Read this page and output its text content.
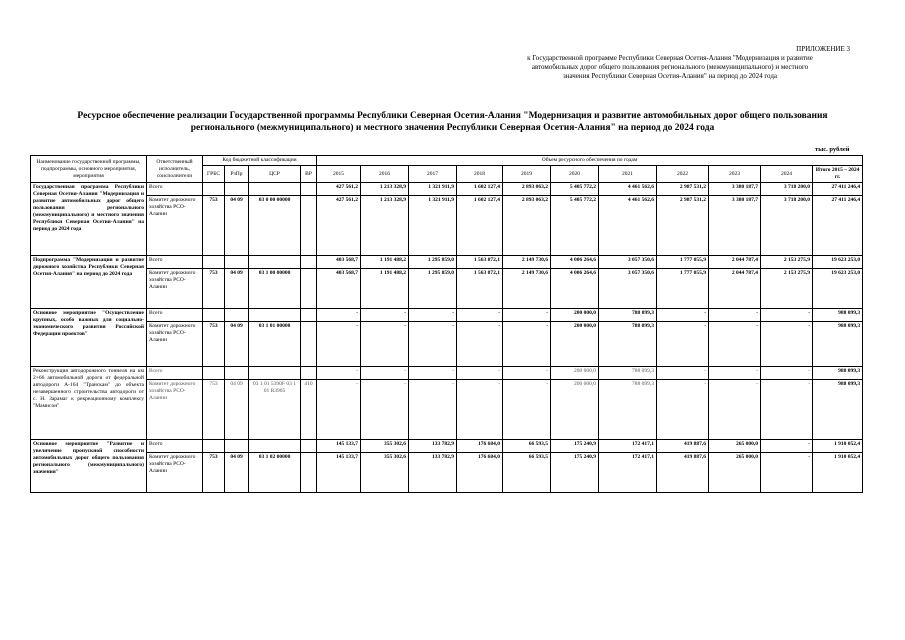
ПРИЛОЖЕНИЕ 3
к Государственной программе Республики Северная Осетия-Алания "Модернизация и развитие
автомобильных дорог общего пользования регионального (межмуниципального) и местного
значения Республики Северная Осетия-Алания" на период до 2024 года
Ресурсное обеспечение реализации Государственной программы Республики Северная Осетия-Алания "Модернизация и развитие автомобильных дорог общего пользования
регионального (межмуниципального) и местного значения Республики Северная Осетия-Алания" на период до 2024 года
тыс. рублей
Наименование государственной программы, подпрограммы, основного мероприятия, мероприятия	Ответственный исполнитель, соисполнители	Код бюджетной классификации				Объем ресурсного обеспечения по годам										
		ГРБС	РзПр	ЦСР	ВР	2015	2016	2017	2018	2019	2020	2021	2022	2023	2024	Итого 2015 – 2024 гг.
Государственная программа Республики Северная Осетия-Алания "Модернизация и развитие автомобильных дорог общего пользования регионального (межмуниципального) и местного значения Республики Северная Осетия-Алания" на период до 2024 года	Всего					427 561,2	1 213 328,9	1 321 911,9	1 602 127,4	2 893 063,2	5 405 772,2	4 461 562,6	2 987 531,2	3 380 187,7	3 718 200,0	27 411 246,4
	Комитет дорожного хозяйства РСО-Алании	753	04 09	03 0 00 00000		427 561,2	1 213 328,9	1 321 911,9	1 602 127,4	2 893 063,2	5 405 772,2	4 461 562,6	2 987 531,2	3 380 187,7	3 718 200,0	27 411 246,4
Подпрограмма "Модернизация и развитие дорожного хозяйства Республики Северная Осетия-Алания" на период до 2024 года	Всего					403 568,7	1 191 488,2	1 295 859,0	1 563 872,1	2 149 730,6	4 006 264,6	3 057 350,6	1 777 055,9	2 044 787,4	2 153 275,9	19 623 253,0
	Комитет дорожного хозяйства РСО-Алании	753	04 09	03 1 00 00000		403 568,7	1 191 488,2	1 295 859,0	1 563 872,1	2 149 730,6	4 006 264,6	3 057 350,6	1 777 055,9	2 044 787,4	2 153 275,9	19 623 253,0
Основное мероприятие "Осуществление крупных, особо важных для социально-экономического развития Российской Федерации проектов"	Всего					-	-	-	-	-	200 000,0	788 099,3	-	-	-	988 099,3
	Комитет дорожного хозяйства РСО-Алании	753	04 09	03 1 01 00000		-	-	-	-	-	200 000,0	788 099,3	-	-	-	988 099,3
Реконструкция автодорожного тоннеля на км 2+66 автомобильной дороги от федеральной автодороги А-164 "Транскам" до объекта незавершенного строительства автодороги от с. Н. Зарамаг к рекреационному комплексу "Мамисон"	Всего					-	-	-	-	-	200 000,0	788 099,3	-	-	-	988 099,3
	Комитет дорожного хозяйства РСО-Алании	753	04 09	03 1 01 5390F 03 1 01 R3905	410	-	-	-	-	-	200 000,0	788 099,3	-	-	-	988 099,3
Основное мероприятие "Развитие и увеличение пропускной способности автомобильных дорог общего пользования регионального (межмуниципального) значения"	Всего					145 133,7	355 302,6	133 782,9	176 684,0	66 593,5	175 240,9	172 417,1	419 887,6	265 000,0	-	1 910 052,4
	Комитет дорожного хозяйства РСО-Алании	753	04 09	03 1 02 00000		145 133,7	355 302,6	133 782,9	176 684,0	66 593,5	175 240,9	172 417,1	419 887,6	265 000,0	-	1 910 052,4
